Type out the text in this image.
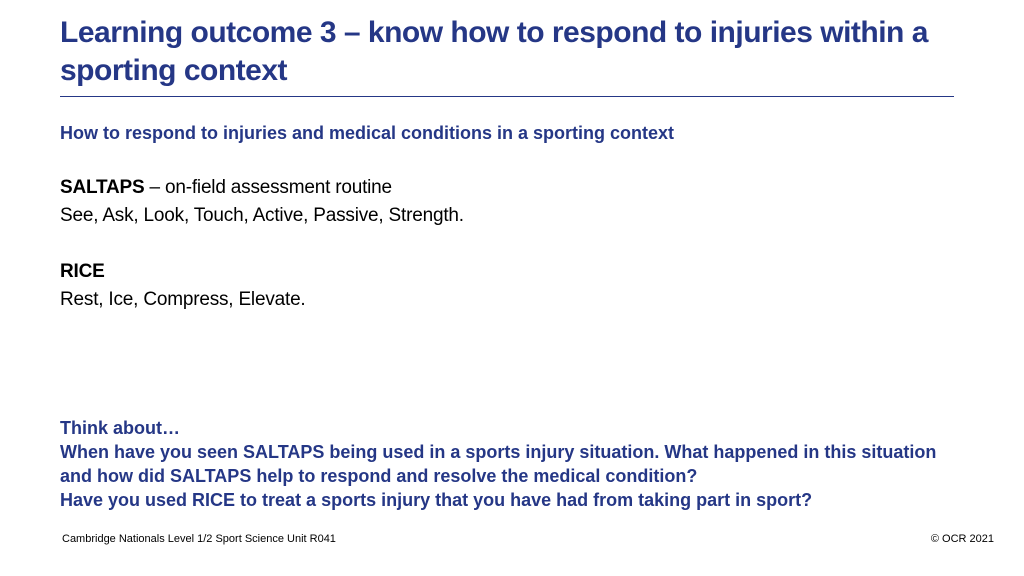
Learning outcome 3 – know how to respond to injuries within a sporting context
How to respond to injuries and medical conditions in a sporting context

SALTAPS – on-field assessment routine

See, Ask, Look, Touch, Active, Passive, Strength.

RICE

Rest, Ice, Compress, Elevate.

Think about…

When have you seen SALTAPS being used in a sports injury situation. What happened in this situation and how did SALTAPS help to respond and resolve the medical condition?

Have you used RICE to treat a sports injury that you have had from taking part in sport?

Cambridge Nationals Level 1/2 Sport Science Unit R041	© OCR 2021
